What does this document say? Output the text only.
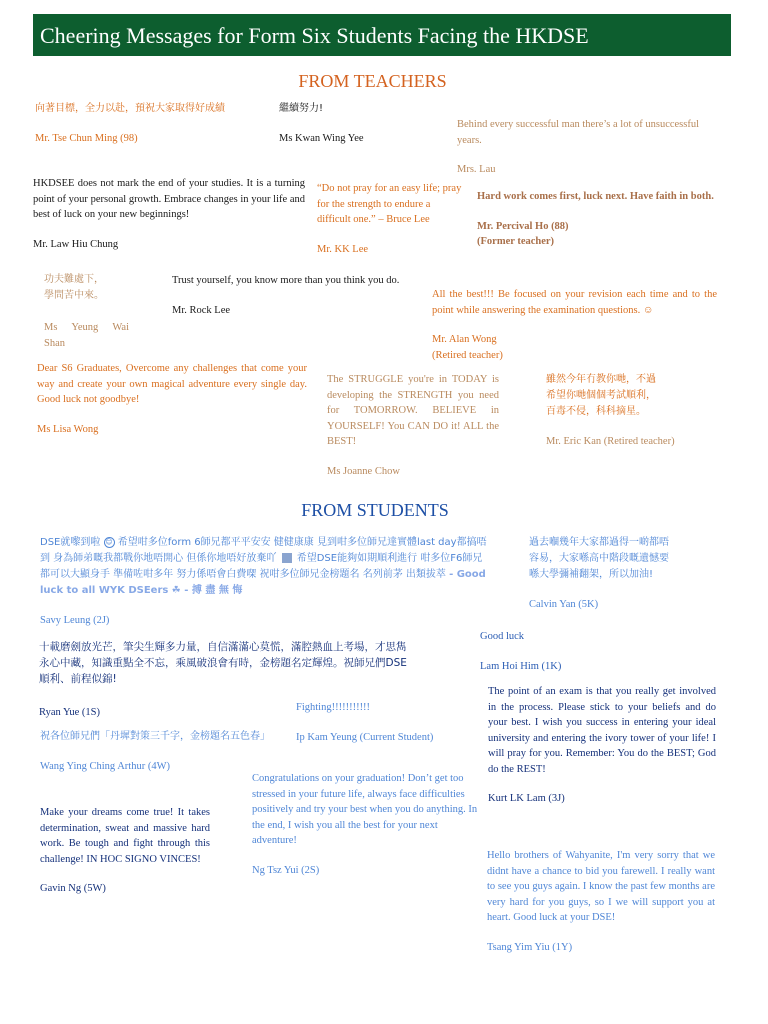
Cheering Messages for Form Six Students Facing the HKDSE
FROM TEACHERS

向著目標，全力以赴，預祝大家取得好成績

Mr. Tse Chun Ming (98)

繼續努力!

Ms Kwan Wing Yee

Behind every successful man there’s a lot of unsuccessful years.

Mrs. Lau

HKDSEE does not mark the end of your studies. It is a turning point of your personal growth. Embrace changes in your life and best of luck on your new beginnings!

Mr. Law Hiu Chung

“Do not pray for an easy life; pray for the strength to endure a difficult one.” – Bruce Lee

Mr. KK Lee

Hard work comes first, luck next. Have faith in both.

Mr. Percival Ho (88)

(Former teacher)

功夫難處下，

學問苦中來。

Ms Yeung Wai Shan

Trust yourself, you know more than you think you do.

Mr. Rock Lee

All the best!!! Be focused on your revision each time and to the point while answering the examination questions. ☺

Mr. Alan Wong

(Retired teacher)

Dear S6 Graduates, Overcome any challenges that come your way and create your own magical adventure every single day. Good luck not goodbye!

Ms Lisa Wong

The STRUGGLE you're in TODAY is developing the STRENGTH you need for TOMORROW. BELIEVE in YOURSELF! You CAN DO it! ALL the BEST!

Ms Joanne Chow

雖然今年冇教你哋，不過

希望你哋個個考試順利，

百毒不侵，科科摘星。

Mr. Eric Kan (Retired teacher)

FROM STUDENTS

DSE就嚟到啦 ☺ 希望咁多位form 6師兄都平平安安 健健康康 見到咁多位師兄達實體last day都搞唔到 身為師弟嘅我都戰你地唔開心 但係你地唔好放棄吖  希望DSE能夠如期順利進行 咁多位F6師兄都可以大顯身手 準備咗咁多年 努力係唔會白費㗎 祝咁多位師兄金榜題名 名列前茅 出類拔萃 - Good luck to all WYK DSEers ☘ - 搏 盡 無 悔

Savy Leung (2J)

過去嗰幾年大家都過得一啲都唔

容易，大家喺高中階段嘅遺憾要

喺大學彌補翻架，所以加油!

Calvin Yan (5K)

Good luck

Lam Hoi Him (1K)

十載磨劍放光芒，筆尖生輝多力量，自信滿滿心莫慌，滿腔熱血上考場，才思雋永心中藏，知識重點全不忘，乘風破浪會有時，金榜題名定輝煌。祝師兄們DSE順利、前程似錦!

Ryan Yue (1S)	Fighting!!!!!!!!!!!

Ip Kam Yeung (Current Student)

The point of an exam is that you really get involved in the process. Please stick to your beliefs and do your best. I wish you success in entering your ideal university and entering the ivory tower of your life! I will pray for you. Remember: You do the BEST; God do the REST!

Kurt LK Lam (3J)

祝各位師兄們「丹墀對策三千字，金榜題名五色春」

Wang Ying Ching Arthur (4W)

Congratulations on your graduation! Don’t get too stressed in your future life, always face difficulties positively and try your best when you do anything. In the end, I wish you all the best for your next adventure!

Ng Tsz Yui (2S)

Make your dreams come true! It takes determination, sweat and massive hard work. Be tough and fight through this challenge! IN HOC SIGNO VINCES!

Gavin Ng (5W)

Hello brothers of Wahyanite, I'm very sorry that we didnt have a chance to bid you farewell. I really want to see you guys again. I know the past few months are very hard for you guys, so I we will support you at heart. Good luck at your DSE!

Tsang Yim Yiu (1Y)
